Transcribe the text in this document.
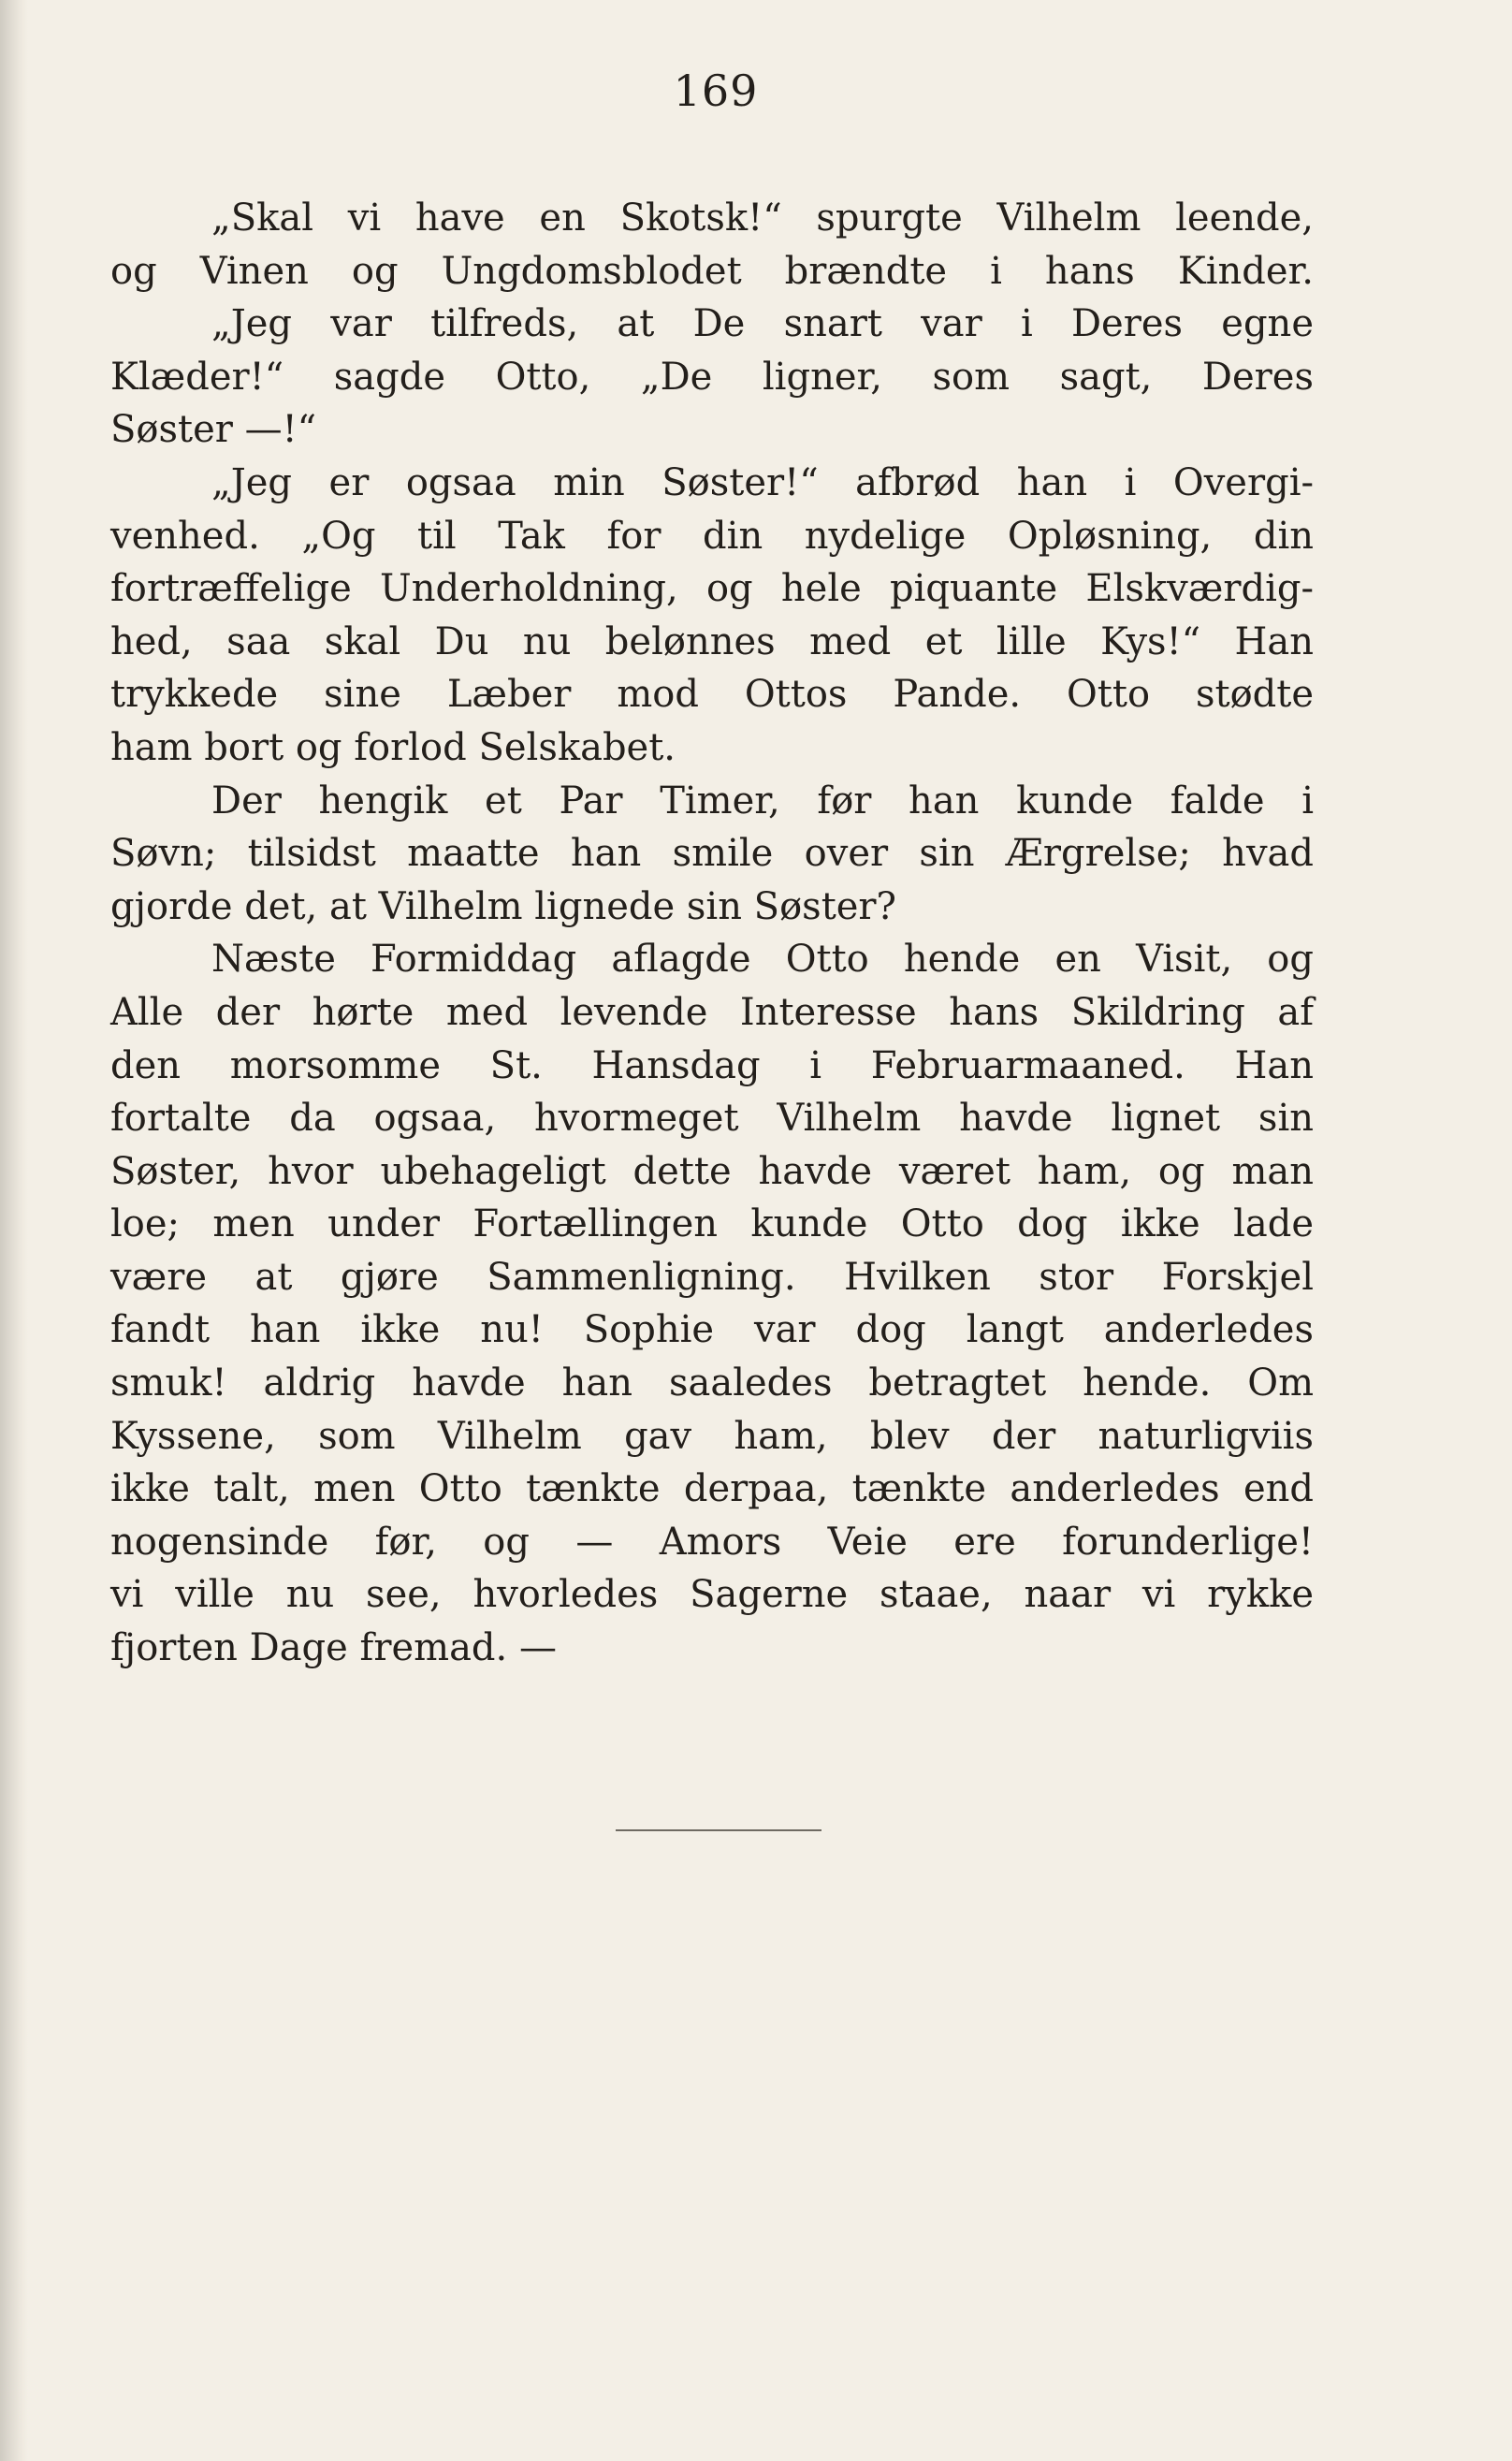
169
„Skal vi have en Skotsk!“ spurgte Vilhelm leende,
og Vinen og Ungdomsblodet brændte i hans Kinder.
„Jeg var tilfreds, at De snart var i Deres egne
Klæder!“ sagde Otto, „De ligner, som sagt, Deres
Søster —!“
„Jeg er ogsaa min Søster!“ afbrød han i Overgi-
venhed. „Og til Tak for din nydelige Opløsning, din
fortræffelige Underholdning, og hele piquante Elskværdig-
hed, saa skal Du nu belønnes med et lille Kys!“ Han
trykkede sine Læber mod Ottos Pande. Otto stødte
ham bort og forlod Selskabet.
Der hengik et Par Timer, før han kunde falde i
Søvn; tilsidst maatte han smile over sin Ærgrelse; hvad
gjorde det, at Vilhelm lignede sin Søster?
Næste Formiddag aflagde Otto hende en Visit, og
Alle der hørte med levende Interesse hans Skildring af
den morsomme St. Hansdag i Februarmaaned. Han
fortalte da ogsaa, hvormeget Vilhelm havde lignet sin
Søster, hvor ubehageligt dette havde været ham, og man
loe; men under Fortællingen kunde Otto dog ikke lade
være at gjøre Sammenligning. Hvilken stor Forskjel
fandt han ikke nu! Sophie var dog langt anderledes
smuk! aldrig havde han saaledes betragtet hende. Om
Kyssene, som Vilhelm gav ham, blev der naturligviis
ikke talt, men Otto tænkte derpaa, tænkte anderledes end
nogensinde før, og — Amors Veie ere forunderlige!
vi ville nu see, hvorledes Sagerne staae, naar vi rykke
fjorten Dage fremad. —
